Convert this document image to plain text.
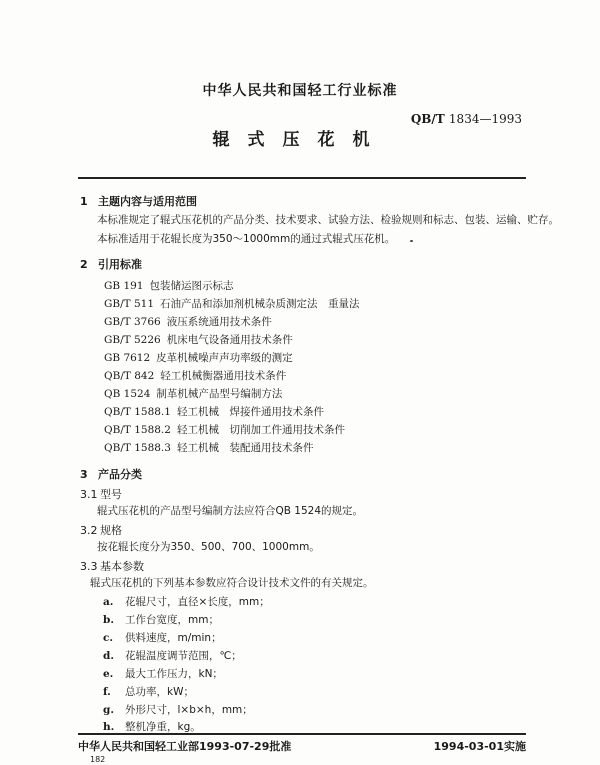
中华人民共和国轻工行业标准
QB/T 1834—1993
辊式压花机
1 主题内容与适用范围
本标准规定了辊式压花机的产品分类、技术要求、试验方法、检验规则和标志、包装、运输、贮存。
本标准适用于花辊长度为350～1000mm的通过式辊式压花机。
2 引用标准
GB 191 包装储运图示标志
GB/T 511 石油产品和添加剂机械杂质测定法　重量法
GB/T 3766 液压系统通用技术条件
GB/T 5226 机床电气设备通用技术条件
GB 7612 皮革机械噪声声功率级的测定
QB/T 842 轻工机械衡器通用技术条件
QB 1524 制革机械产品型号编制方法
QB/T 1588.1 轻工机械　焊接件通用技术条件
QB/T 1588.2 轻工机械　切削加工件通用技术条件
QB/T 1588.3 轻工机械　装配通用技术条件
3 产品分类
3.1 型号
辊式压花机的产品型号编制方法应符合QB 1524的规定。
3.2 规格
按花辊长度分为350、500、700、1000mm。
3.3 基本参数
辊式压花机的下列基本参数应符合设计技术文件的有关规定。
a. 花辊尺寸，直径×长度，mm；
b. 工作台宽度，mm；
c. 供料速度，m/min；
d. 花辊温度调节范围，℃；
e. 最大工作压力，kN；
f. 总功率，kW；
g. 外形尺寸，l×b×h，mm；
h. 整机净重，kg。
中华人民共和国轻工业部1993-07-29批准	1994-03-01实施
182
